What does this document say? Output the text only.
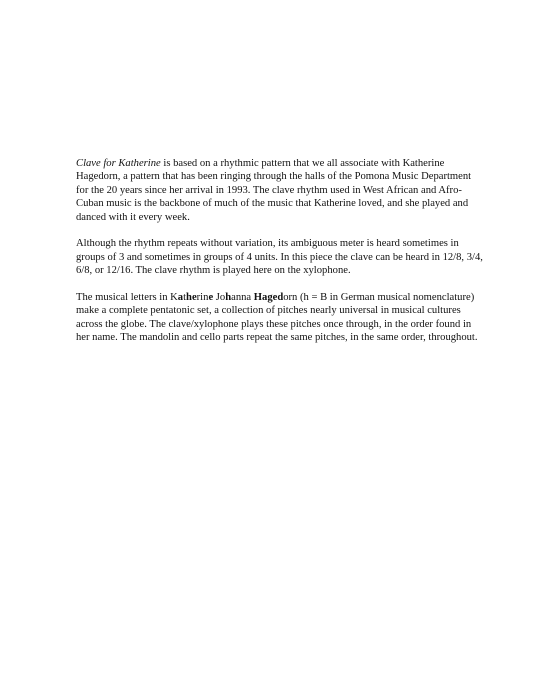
Clave for Katherine is based on a rhythmic pattern that we all associate with Katherine Hagedorn, a pattern that has been ringing through the halls of the Pomona Music Department for the 20 years since her arrival in 1993. The clave rhythm used in West African and Afro-Cuban music is the backbone of much of the music that Katherine loved, and she played and danced with it every week.

Although the rhythm repeats without variation, its ambiguous meter is heard sometimes in groups of 3 and sometimes in groups of 4 units. In this piece the clave can be heard in 12/8, 3/4, 6/8, or 12/16. The clave rhythm is played here on the xylophone.

The musical letters in Katherine Johanna Hagedorn (h = B in German musical nomenclature) make a complete pentatonic set, a collection of pitches nearly universal in musical cultures across the globe. The clave/xylophone plays these pitches once through, in the order found in her name. The mandolin and cello parts repeat the same pitches, in the same order, throughout.
